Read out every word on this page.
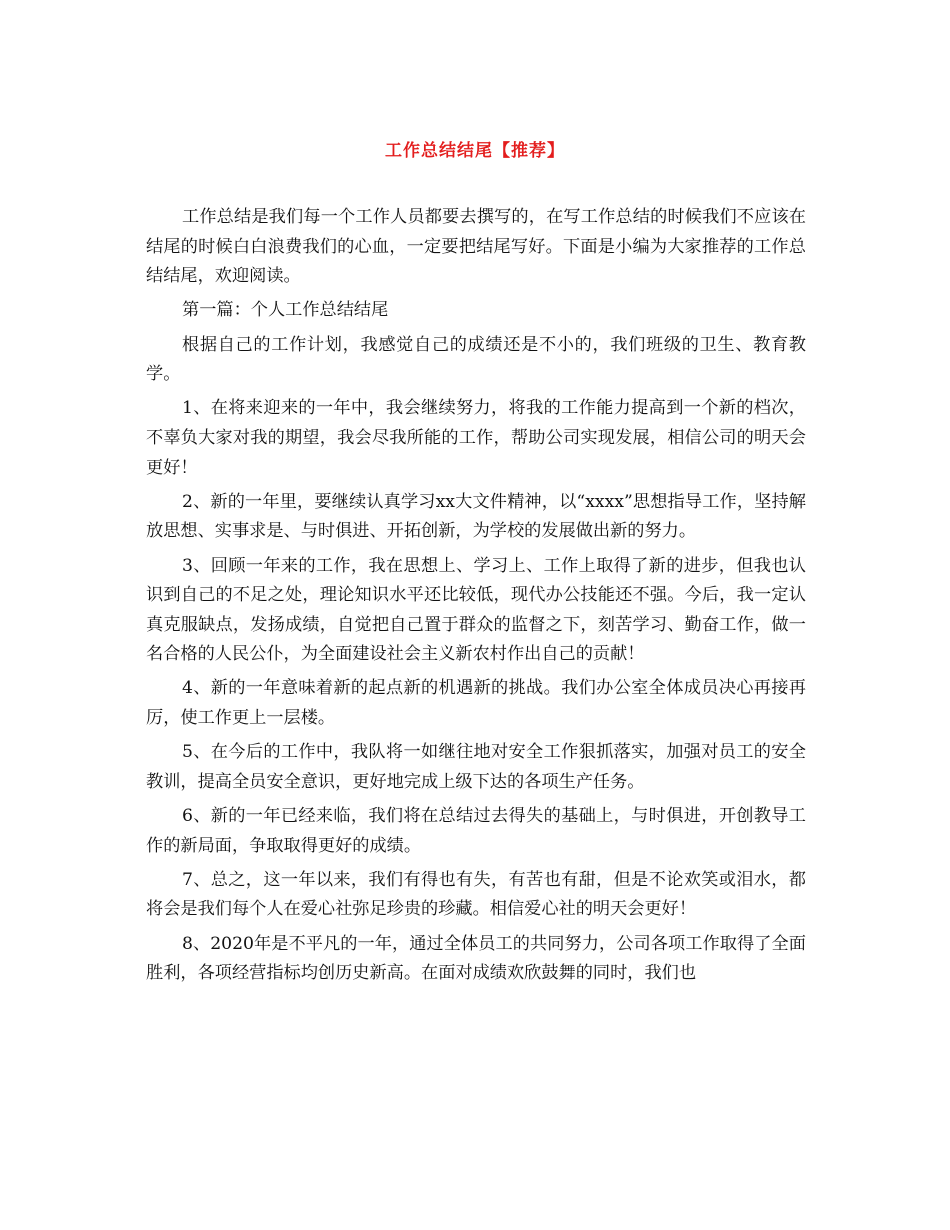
工作总结结尾【推荐】

工作总结是我们每一个工作人员都要去撰写的，在写工作总结的时候我们不应该在结尾的时候白白浪费我们的心血，一定要把结尾写好。下面是小编为大家推荐的工作总结结尾，欢迎阅读。

第一篇：个人工作总结结尾

根据自己的工作计划，我感觉自己的成绩还是不小的，我们班级的卫生、教育教学。

1、在将来迎来的一年中，我会继续努力，将我的工作能力提高到一个新的档次，不辜负大家对我的期望，我会尽我所能的工作，帮助公司实现发展，相信公司的明天会更好！

2、新的一年里，要继续认真学习xx大文件精神，以“xxxx”思想指导工作，坚持解放思想、实事求是、与时俱进、开拓创新，为学校的发展做出新的努力。

3、回顾一年来的工作，我在思想上、学习上、工作上取得了新的进步，但我也认识到自己的不足之处，理论知识水平还比较低，现代办公技能还不强。今后，我一定认真克服缺点，发扬成绩，自觉把自己置于群众的监督之下，刻苦学习、勤奋工作，做一名合格的人民公仆，为全面建设社会主义新农村作出自己的贡献！

4、新的一年意味着新的起点新的机遇新的挑战。我们办公室全体成员决心再接再厉，使工作更上一层楼。

5、在今后的工作中，我队将一如继往地对安全工作狠抓落实，加强对员工的安全教训，提高全员安全意识，更好地完成上级下达的各项生产任务。

6、新的一年已经来临，我们将在总结过去得失的基础上，与时俱进，开创教导工作的新局面，争取取得更好的成绩。

7、总之，这一年以来，我们有得也有失，有苦也有甜，但是不论欢笑或泪水，都将会是我们每个人在爱心社弥足珍贵的珍藏。相信爱心社的明天会更好！

8、2020年是不平凡的一年，通过全体员工的共同努力，公司各项工作取得了全面胜利，各项经营指标均创历史新高。在面对成绩欢欣鼓舞的同时，我们也
